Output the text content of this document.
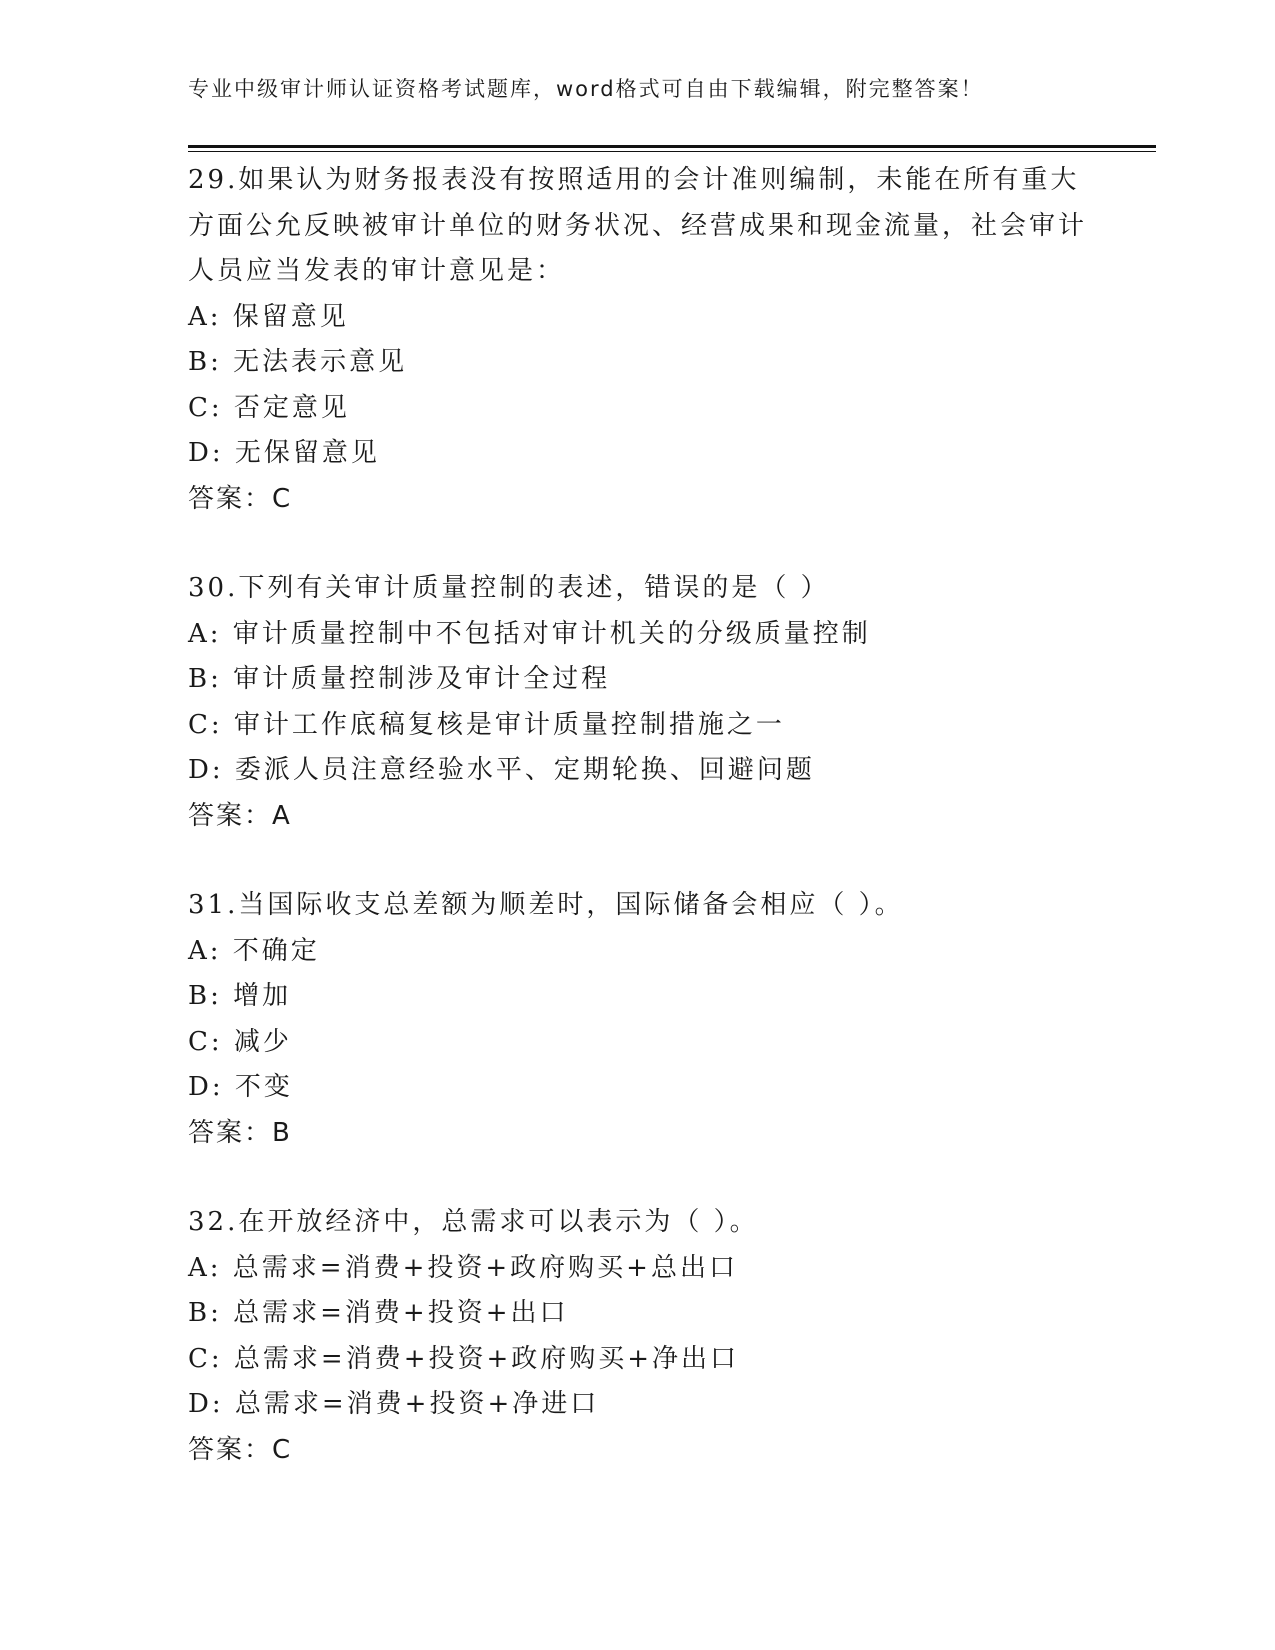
专业中级审计师认证资格考试题库，word格式可自由下载编辑，附完整答案！

29.如果认为财务报表没有按照适用的会计准则编制，未能在所有重大方面公允反映被审计单位的财务状况、经营成果和现金流量，社会审计人员应当发表的审计意见是：

A: 保留意见
B: 无法表示意见
C: 否定意见
D: 无保留意见
答案：C

30.下列有关审计质量控制的表述，错误的是（ ）

A: 审计质量控制中不包括对审计机关的分级质量控制
B: 审计质量控制涉及审计全过程
C: 审计工作底稿复核是审计质量控制措施之一
D: 委派人员注意经验水平、定期轮换、回避问题
答案：A

31.当国际收支总差额为顺差时，国际储备会相应（ ）。

A: 不确定
B: 增加
C: 减少
D: 不变
答案：B

32.在开放经济中，总需求可以表示为（ ）。

A: 总需求=消费+投资+政府购买+总出口
B: 总需求=消费+投资+出口
C: 总需求=消费+投资+政府购买+净出口
D: 总需求=消费+投资+净进口
答案：C
